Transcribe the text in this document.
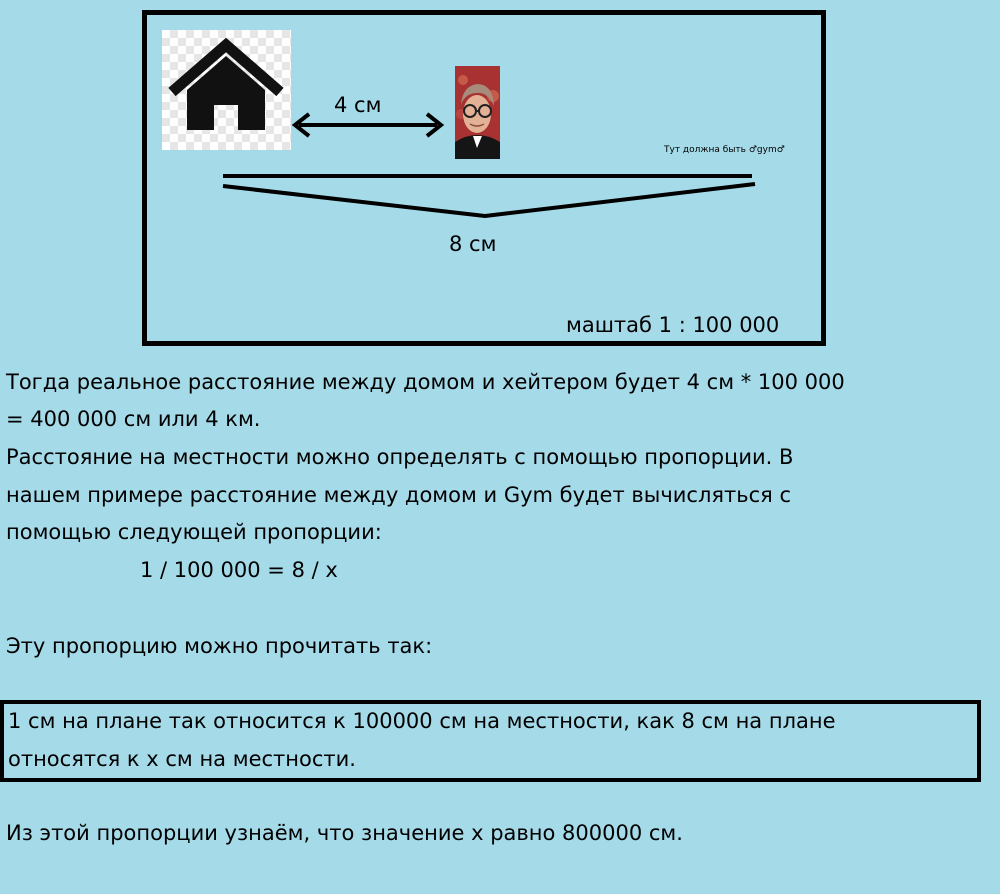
4 см
Тут должна быть ♂gym♂
8 см
маштаб 1 : 100 000
Тогда реальное расстояние между домом и хейтером будет 4 см * 100 000
= 400 000 см или 4 км.
Расстояние на местности можно определять с помощью пропорции. В
нашем примере расстояние между домом и Gym будет вычисляться с
помощью следующей пропорции:
1 / 100 000 = 8 / x
Эту пропорцию можно прочитать так:
1 см на плане так относится к 100000 см на местности, как 8 см на плане
относятся к x см на местности.
Из этой пропорции узнаём, что значение x равно 800000 см.
